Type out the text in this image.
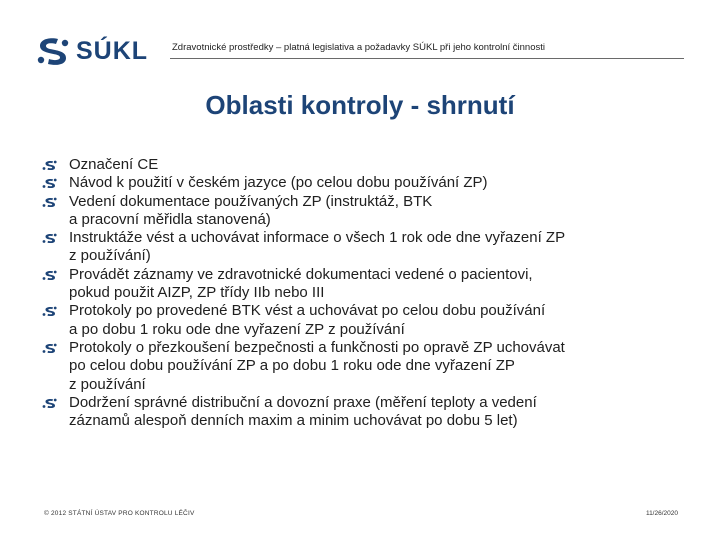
SÚKL	Zdravotnické prostředky – platná legislativa a požadavky SÚKL při jeho kontrolní činnosti
Oblasti kontroly - shrnutí
Označení CE
Návod k použití v českém jazyce (po celou dobu používání ZP)
Vedení dokumentace používaných ZP (instruktáž, BTK
a pracovní měřidla stanovená)
Instruktáže vést a uchovávat informace o všech 1 rok ode dne vyřazení ZP
z používání)
Provádět záznamy ve zdravotnické dokumentaci vedené o pacientovi,
pokud použit AIZP, ZP třídy IIb nebo III
Protokoly po provedené BTK vést a uchovávat po celou dobu používání
a po dobu 1 roku ode dne vyřazení ZP z používání
Protokoly o přezkoušení bezpečnosti a funkčnosti po opravě ZP uchovávat
po celou dobu používání ZP a po dobu 1 roku ode dne vyřazení ZP
z používání
Dodržení správné distribuční a dovozní praxe (měření teploty a vedení
záznamů alespoň denních maxim a minim uchovávat po dobu 5 let)
© 2012 STÁTNÍ ÚSTAV PRO KONTROLU LÉČIV	11/26/2020
